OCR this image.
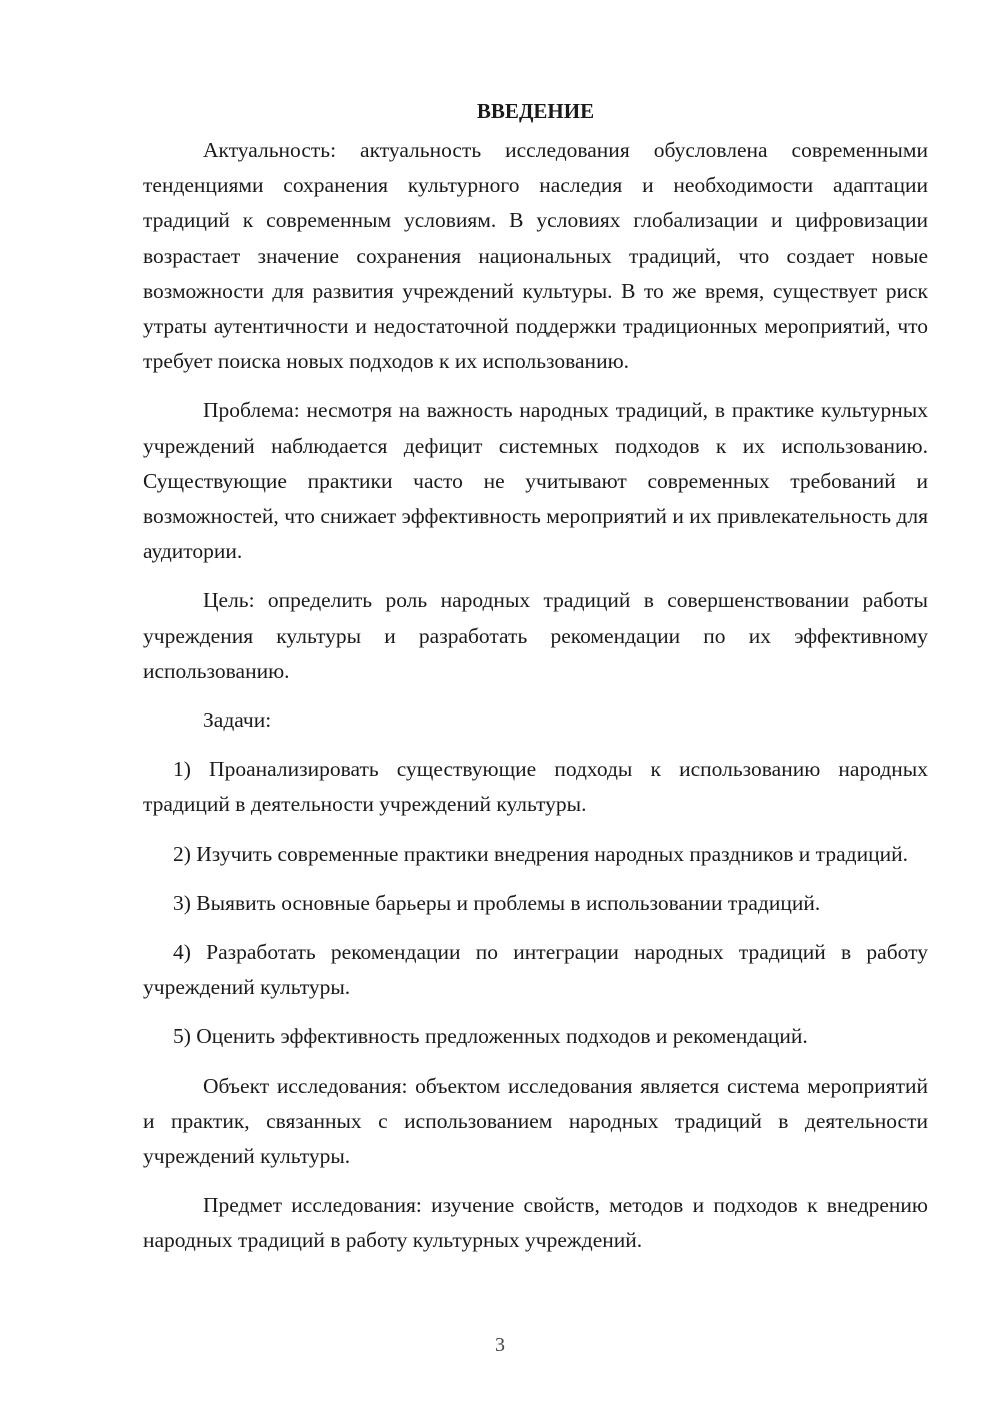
ВВЕДЕНИЕ

Актуальность: актуальность исследования обусловлена современными тенденциями сохранения культурного наследия и необходимости адаптации традиций к современным условиям. В условиях глобализации и цифровизации возрастает значение сохранения национальных традиций, что создает новые возможности для развития учреждений культуры. В то же время, существует риск утраты аутентичности и недостаточной поддержки традиционных мероприятий, что требует поиска новых подходов к их использованию.

Проблема: несмотря на важность народных традиций, в практике культурных учреждений наблюдается дефицит системных подходов к их использованию. Существующие практики часто не учитывают современных требований и возможностей, что снижает эффективность мероприятий и их привлекательность для аудитории.

Цель: определить роль народных традиций в совершенствовании работы учреждения культуры и разработать рекомендации по их эффективному использованию.

Задачи:

1) Проанализировать существующие подходы к использованию народных традиций в деятельности учреждений культуры.

2) Изучить современные практики внедрения народных праздников и традиций.

3) Выявить основные барьеры и проблемы в использовании традиций.

4) Разработать рекомендации по интеграции народных традиций в работу учреждений культуры.

5) Оценить эффективность предложенных подходов и рекомендаций.

Объект исследования: объектом исследования является система мероприятий и практик, связанных с использованием народных традиций в деятельности учреждений культуры.

Предмет исследования: изучение свойств, методов и подходов к внедрению народных традиций в работу культурных учреждений.

3
